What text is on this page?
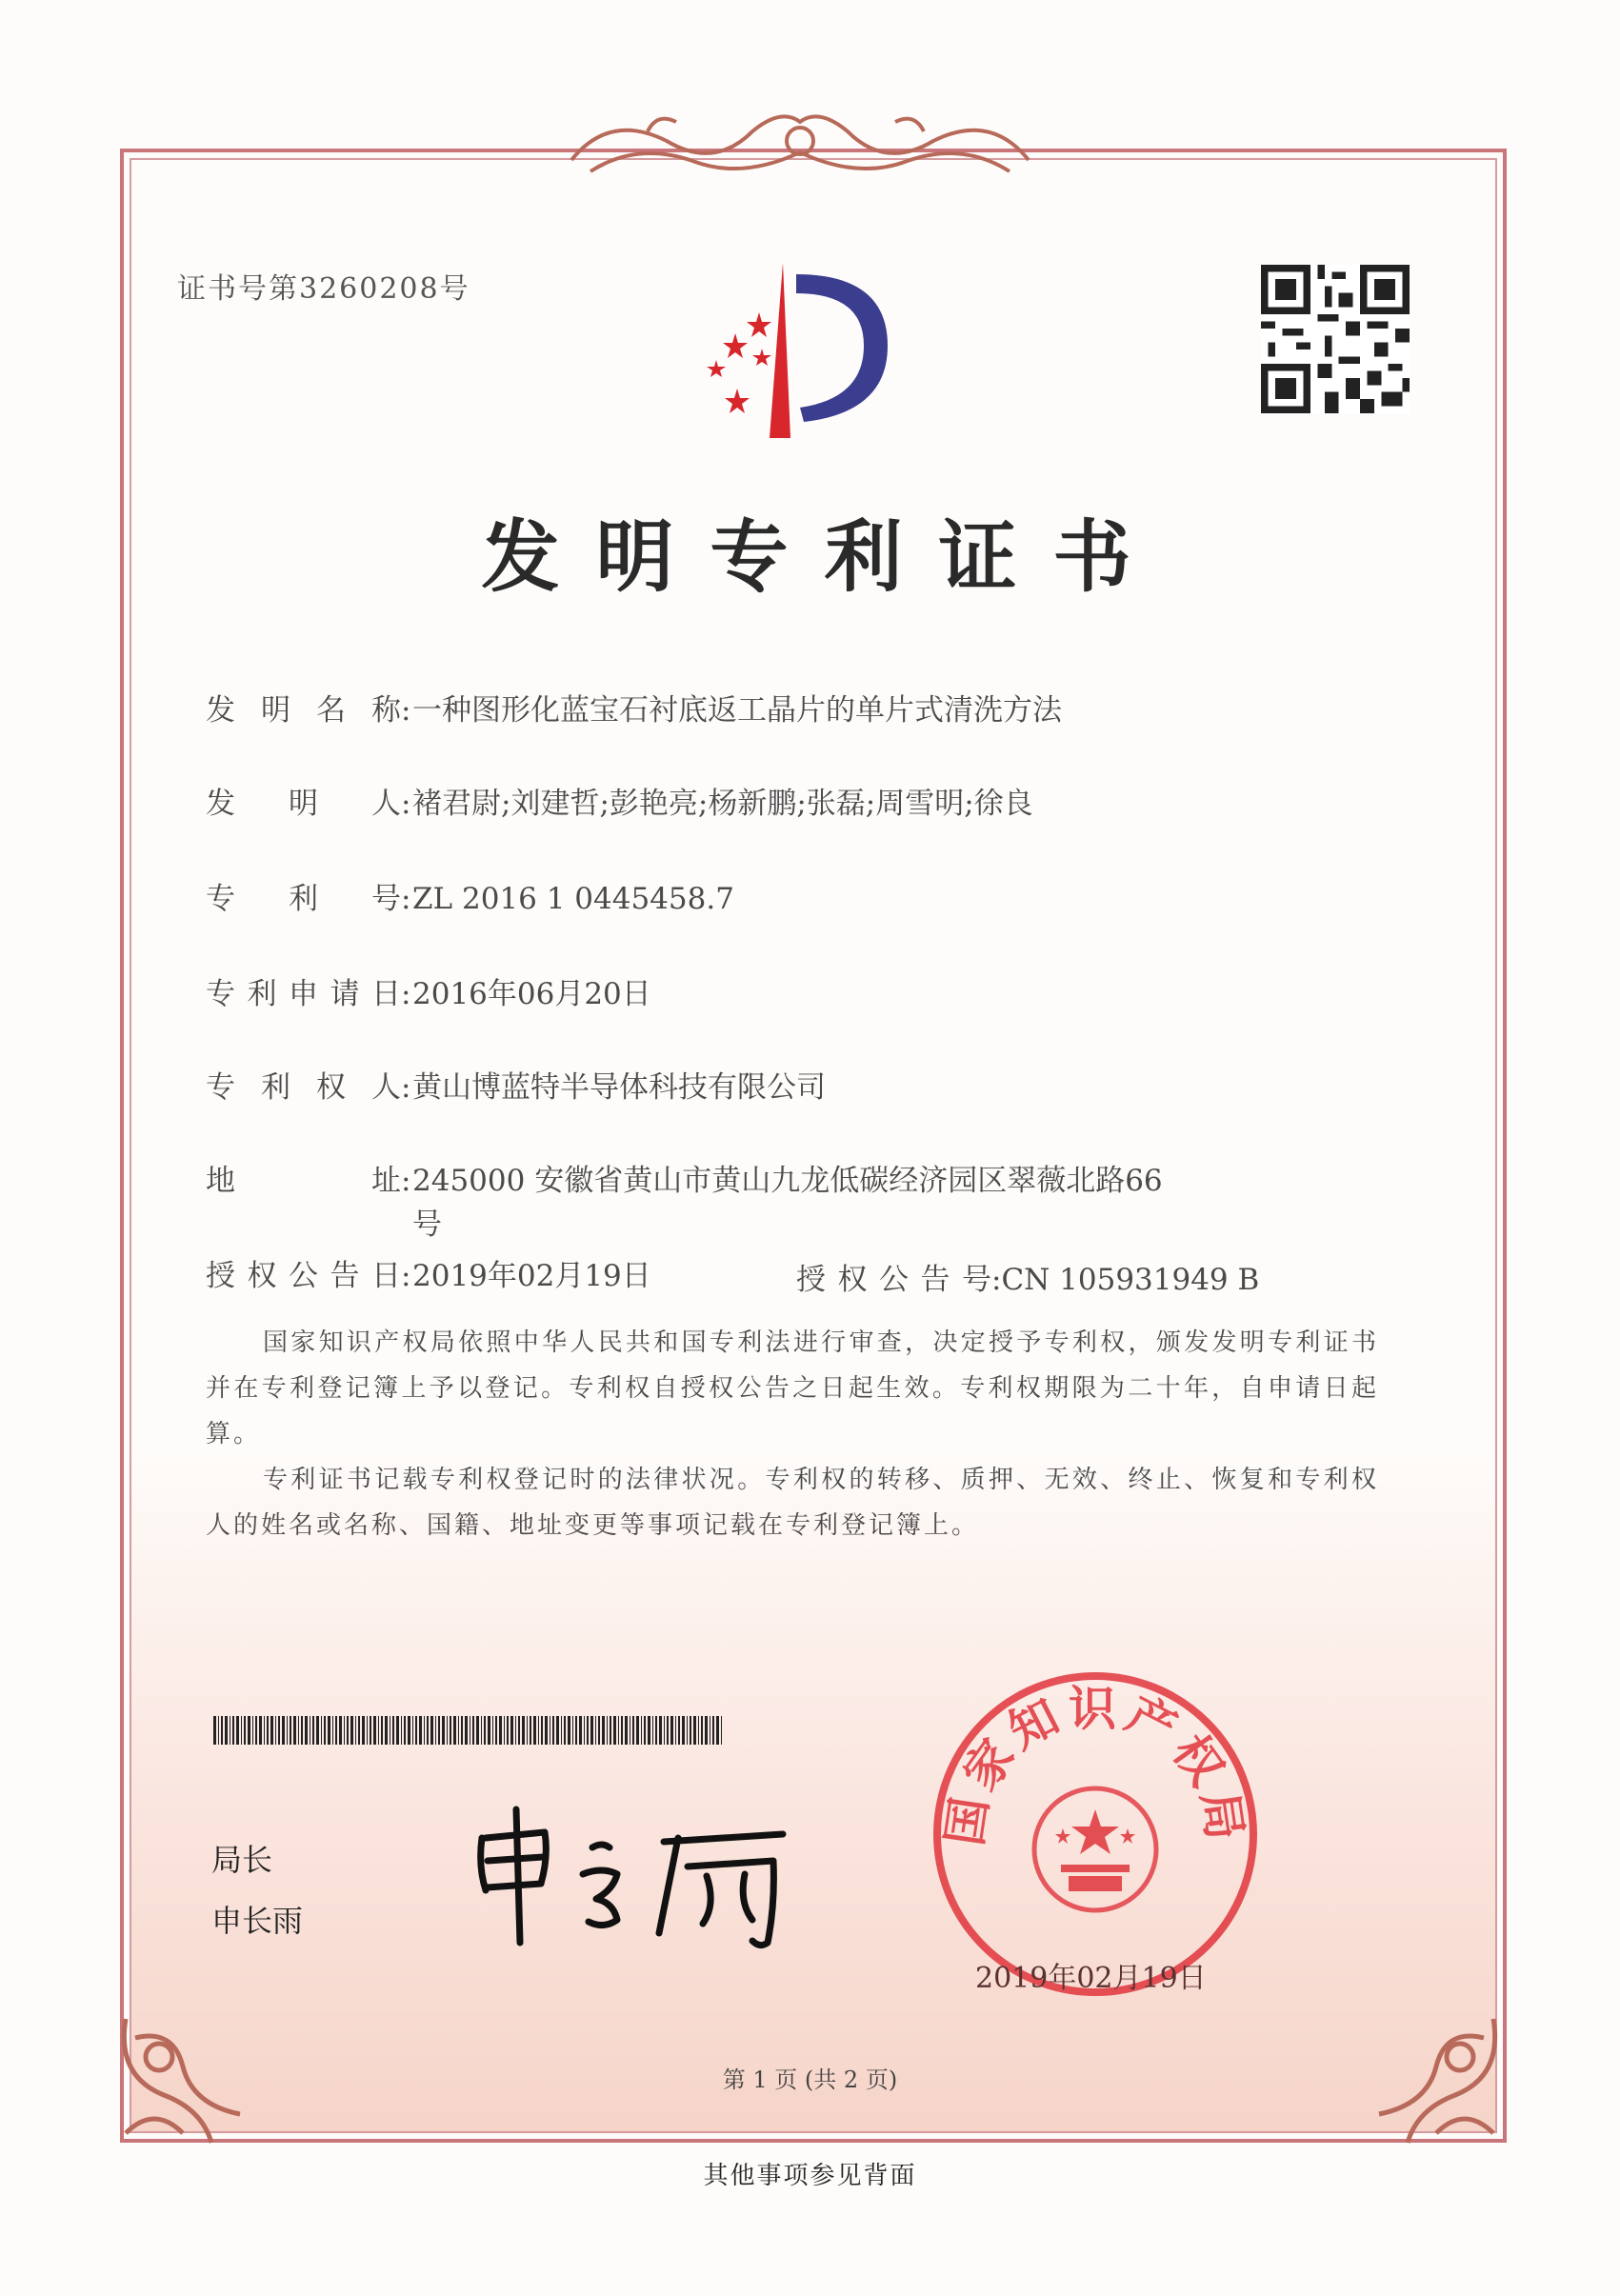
证书号第3260208号
发明专利证书
发明名称:一种图形化蓝宝石衬底返工晶片的单片式清洗方法
发明人:褚君尉;刘建哲;彭艳亮;杨新鹏;张磊;周雪明;徐良
专利号:ZL 2016 1 0445458.7
专利申请日:2016年06月20日
专利权人:黄山博蓝特半导体科技有限公司
地址:245000 安徽省黄山市黄山九龙低碳经济园区翠薇北路66
号
授权公告日:2019年02月19日	授权公告号:CN 105931949 B
国家知识产权局依照中华人民共和国专利法进行审查，决定授予专利权，颁发发明专利证书并在专利登记簿上予以登记。专利权自授权公告之日起生效。专利权期限为二十年，自申请日起算。
专利证书记载专利权登记时的法律状况。专利权的转移、质押、无效、终止、恢复和专利权人的姓名或名称、国籍、地址变更等事项记载在专利登记簿上。
局长
申长雨
国家知识产权局
2019年02月19日
第 1 页 (共 2 页)
其他事项参见背面
